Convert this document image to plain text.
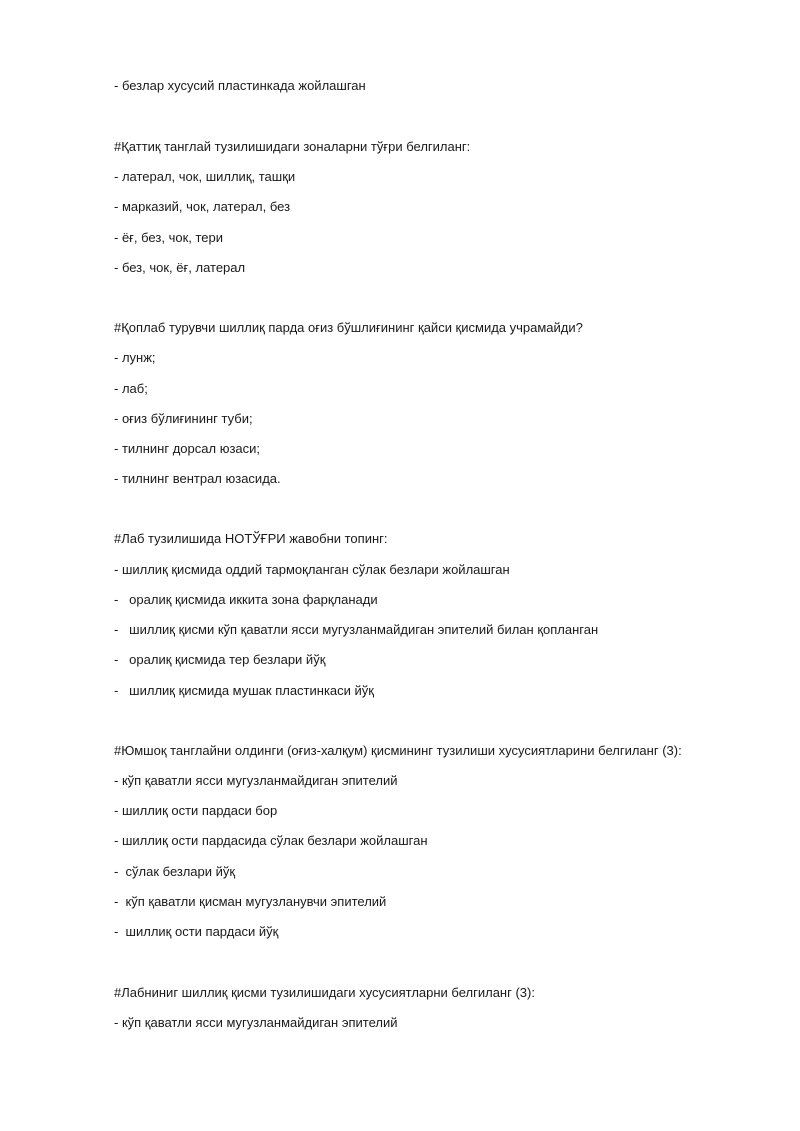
- безлар хусусий пластинкада жойлашган
#Қаттиқ танглай тузилишидаги зоналарни тўғри белгиланг:
- латерал, чок, шиллиқ, ташқи
- марказий, чок, латерал, без
- ёғ, без, чок, тери
- без, чок, ёғ, латерал
#Қоплаб турувчи шиллиқ парда оғиз бўшлиғининг қайси қисмида учрамайди?
- лунж;
- лаб;
- оғиз бўлиғининг туби;
- тилнинг дорсал юзаси;
- тилнинг вентрал юзасида.
#Лаб тузилишида НОТЎҒРИ жавобни топинг:
- шиллиқ қисмида оддий тармоқланган сўлак безлари жойлашган
-   оралиқ қисмида иккита зона фарқланади
-   шиллиқ қисми кўп қаватли ясси мугузланмайдиган эпителий билан қопланган
-   оралиқ қисмида тер безлари йўқ
-   шиллиқ қисмида мушак пластинкаси йўқ
#Юмшоқ танглайни олдинги (оғиз-халқум) қисмининг тузилиши хусусиятларини белгиланг (3):
- кўп қаватли ясси мугузланмайдиган эпителий
- шиллиқ ости пардаси бор
- шиллиқ ости пардасида сўлак безлари жойлашган
-  сўлак безлари йўқ
-  кўп қаватли қисман мугузланувчи эпителий
-  шиллиқ ости пардаси йўқ
#Лабниниг шиллиқ қисми тузилишидаги хусусиятларни белгиланг (3):
- кўп қаватли ясси мугузланмайдиган эпителий
